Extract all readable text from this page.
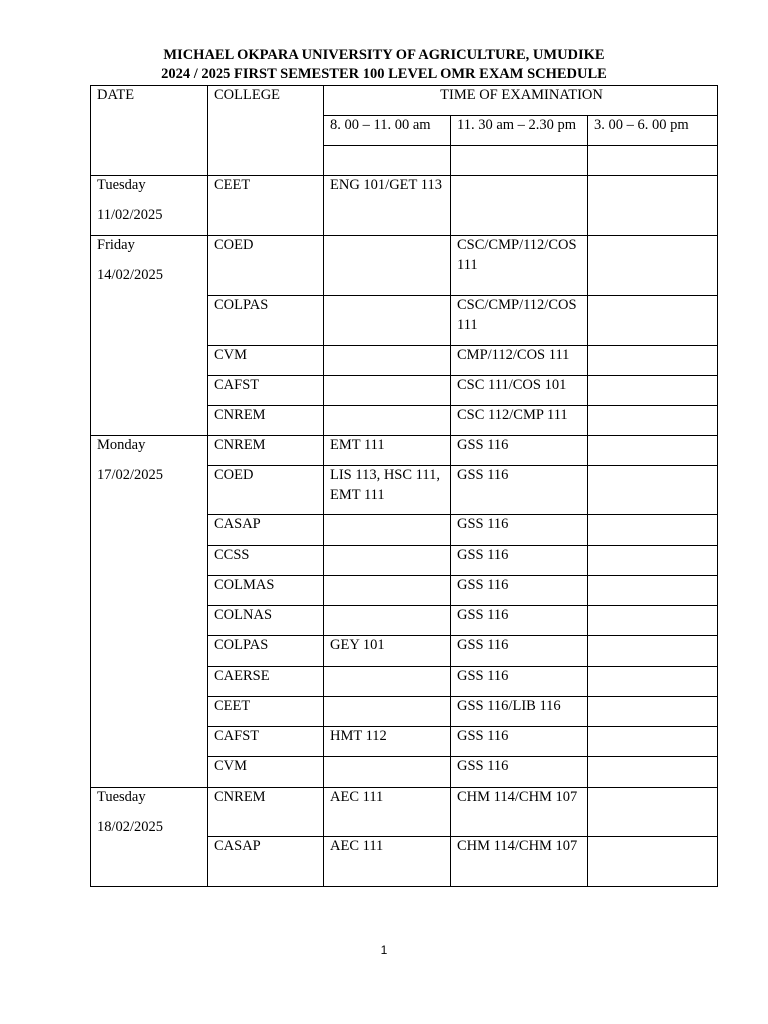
MICHAEL OKPARA UNIVERSITY OF AGRICULTURE, UMUDIKE
2024 / 2025 FIRST SEMESTER 100 LEVEL OMR EXAM SCHEDULE
DATE	COLLEGE	TIME OF EXAMINATION		
		8. 00 – 11. 00 am	11. 30 am – 2.30 pm	3. 00 – 6. 00 pm

Tuesday
11/02/2025	CEET	ENG 101/GET 113		

Friday
14/02/2025	COED		CSC/CMP/112/COS 111	
	COLPAS		CSC/CMP/112/COS 111	
	CVM		CMP/112/COS 111	
	CAFST		CSC 111/COS 101	
	CNREM		CSC 112/CMP 111	

Monday
17/02/2025	CNREM	EMT 111	GSS 116	
	COED	LIS 113, HSC 111, EMT 111	GSS 116	
	CASAP		GSS 116	
	CCSS		GSS 116	
	COLMAS		GSS 116	
	COLNAS		GSS 116	
	COLPAS	GEY 101	GSS 116	
	CAERSE		GSS 116	
	CEET		GSS 116/LIB 116	
	CAFST	HMT 112	GSS 116	
	CVM		GSS 116	

Tuesday
18/02/2025	CNREM	AEC 111	CHM 114/CHM 107	
	CASAP	AEC 111	CHM 114/CHM 107	
1
